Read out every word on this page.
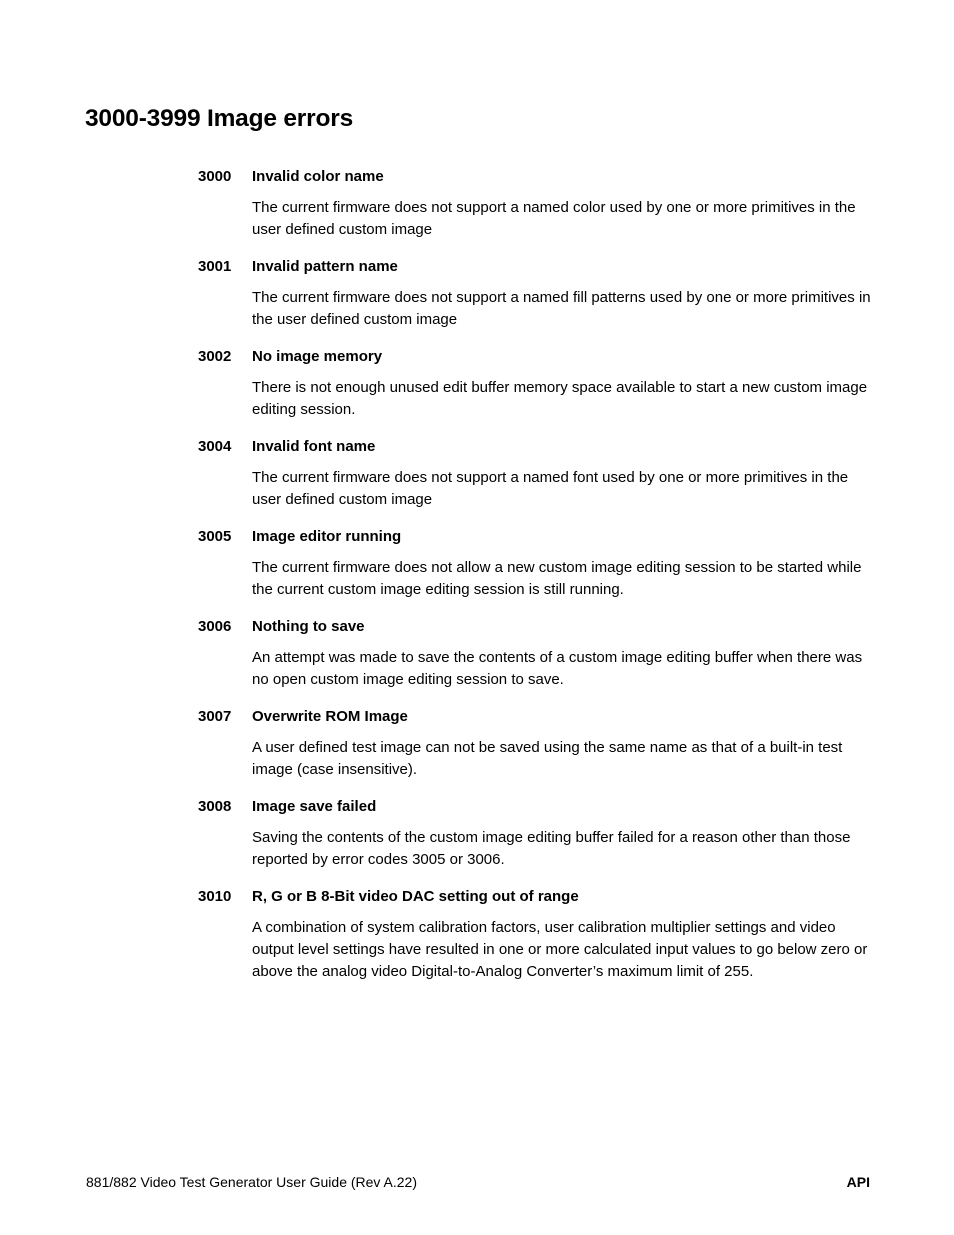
3000-3999 Image errors
3000	Invalid color name

The current firmware does not support a named color used by one or more primitives in the user defined custom image

3001	Invalid pattern name

The current firmware does not support a named fill patterns used by one or more primitives in the user defined custom image

3002	No image memory

There is not enough unused edit buffer memory space available to start a new custom image editing session.

3004	Invalid font name

The current firmware does not support a named font used by one or more primitives in the user defined custom image

3005	Image editor running

The current firmware does not allow a new custom image editing session to be started while the current custom image editing session is still running.

3006	Nothing to save

An attempt was made to save the contents of a custom image editing buffer when there was no open custom image editing session to save.

3007	Overwrite ROM Image

A user defined test image can not be saved using the same name as that of a built-in test image (case insensitive).

3008	Image save failed

Saving the contents of the custom image editing buffer failed for a reason other than those reported by error codes 3005 or 3006.

3010	R, G or B 8-Bit video DAC setting out of range

A combination of system calibration factors, user calibration multiplier settings and video output level settings have resulted in one or more calculated input values to go below zero or above the analog video Digital-to-Analog Converter’s maximum limit of 255.

881/882 Video Test Generator User Guide (Rev A.22)	API
